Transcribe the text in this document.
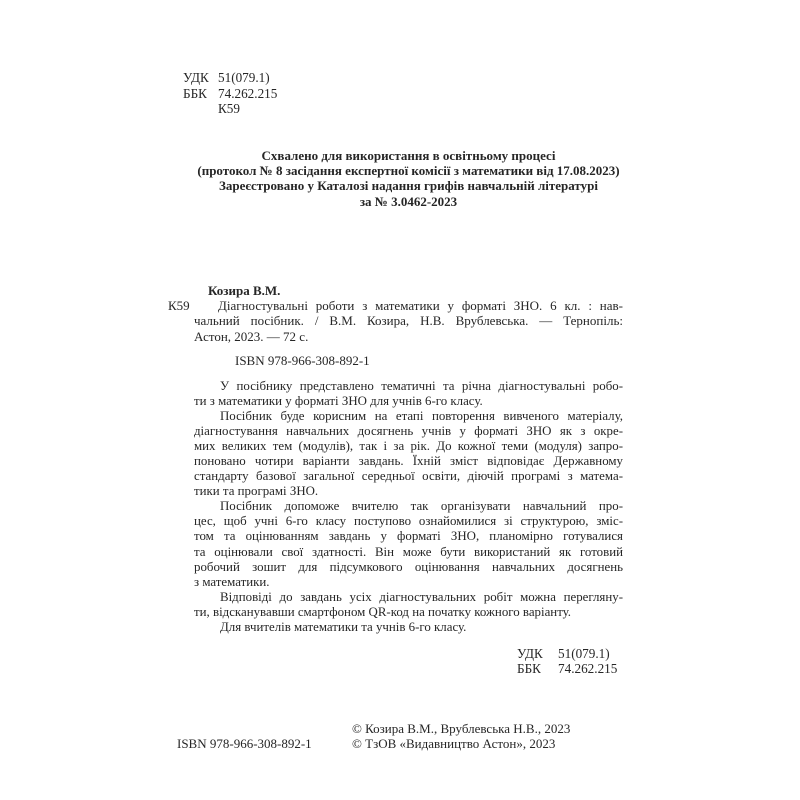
УДК 51(079.1)
ББК 74.262.215
К59
Схвалено для використання в освітньому процесі
(протокол № 8 засідання експертної комісії з математики від 17.08.2023)
Зареєстровано у Каталозі надання грифів навчальній літературі
за № 3.0462-2023
Козира В.М.
К59	Діагностувальні роботи з математики у форматі ЗНО. 6 кл. : нав-
чальний посібник. / В.М. Козира, Н.В. Врублевська. — Тернопіль:
Астон, 2023. — 72 с.
ISBN 978-966-308-892-1
У посібнику представлено тематичні та річна діагностувальні робо-
ти з математики у форматі ЗНО для учнів 6-го класу.
Посібник буде корисним на етапі повторення вивченого матеріалу,
діагностування навчальних досягнень учнів у форматі ЗНО як з окре-
мих великих тем (модулів), так і за рік. До кожної теми (модуля) запро-
поновано чотири варіанти завдань. Їхній зміст відповідає Державному
стандарту базової загальної середньої освіти, діючій програмі з матема-
тики та програмі ЗНО.
Посібник допоможе вчителю так організувати навчальний про-
цес, щоб учні 6-го класу поступово ознайомилися зі структурою, зміс-
том та оцінюванням завдань у форматі ЗНО, планомірно готувалися
та оцінювали свої здатності. Він може бути використаний як готовий
робочий зошит для підсумкового оцінювання навчальних досягнень
з математики.
Відповіді до завдань усіх діагностувальних робіт можна перегляну-
ти, відсканувавши смартфоном QR-код на початку кожного варіанту.
Для вчителів математики та учнів 6-го класу.
УДК 51(079.1)
ББК 74.262.215
ISBN 978-966-308-892-1
© Козира В.М., Врублевська Н.В., 2023
© ТзОВ «Видавництво Астон», 2023
